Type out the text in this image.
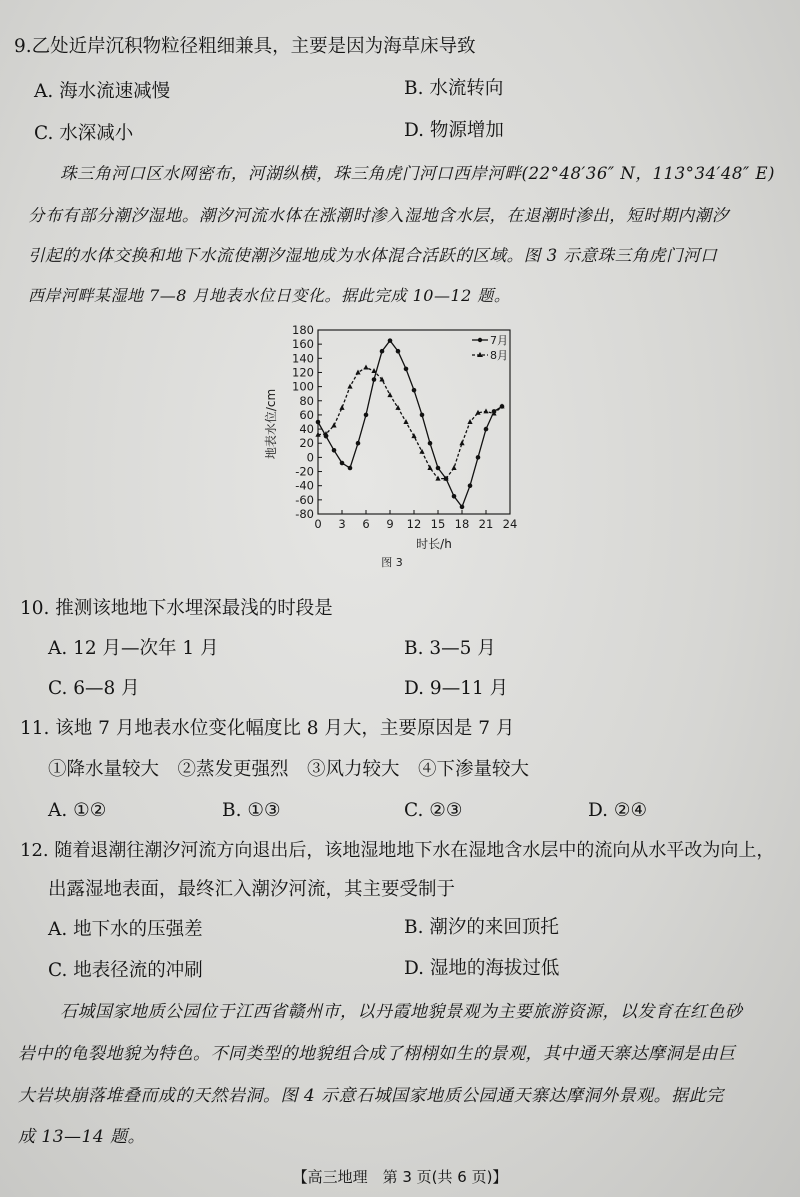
9.乙处近岸沉积物粒径粗细兼具，主要是因为海草床导致
A. 海水流速减慢	B. 水流转向
C. 水深减小	D. 物源增加
珠三角河口区水网密布，河湖纵横，珠三角虎门河口西岸河畔(22°48′36″ N，113°34′48″ E)
分布有部分潮汐湿地。潮汐河流水体在涨潮时渗入湿地含水层，在退潮时渗出，短时期内潮汐
引起的水体交换和地下水流使潮汐湿地成为水体混合活跃的区域。图 3 示意珠三角虎门河口
西岸河畔某湿地 7—8 月地表水位日变化。据此完成 10—12 题。
180
160
140
120
100
80
60
40
20
0
-20
-40
-60
-80
0 3 6 9 12 15 18 21 24
7月
8月
时长/h
地表水位/cm
图 3
10. 推测该地地下水埋深最浅的时段是
A. 12 月—次年 1 月	B. 3—5 月
C. 6—8 月	D. 9—11 月
11. 该地 7 月地表水位变化幅度比 8 月大，主要原因是 7 月
①降水量较大　②蒸发更强烈　③风力较大　④下渗量较大
A. ①②	B. ①③	C. ②③	D. ②④
12. 随着退潮往潮汐河流方向退出后，该地湿地地下水在湿地含水层中的流向从水平改为向上，
出露湿地表面，最终汇入潮汐河流，其主要受制于
A. 地下水的压强差	B. 潮汐的来回顶托
C. 地表径流的冲刷	D. 湿地的海拔过低
石城国家地质公园位于江西省赣州市，以丹霞地貌景观为主要旅游资源，以发育在红色砂
岩中的龟裂地貌为特色。不同类型的地貌组合成了栩栩如生的景观，其中通天寨达摩洞是由巨
大岩块崩落堆叠而成的天然岩洞。图 4 示意石城国家地质公园通天寨达摩洞外景观。据此完
成 13—14 题。
【高三地理　第 3 页(共 6 页)】
